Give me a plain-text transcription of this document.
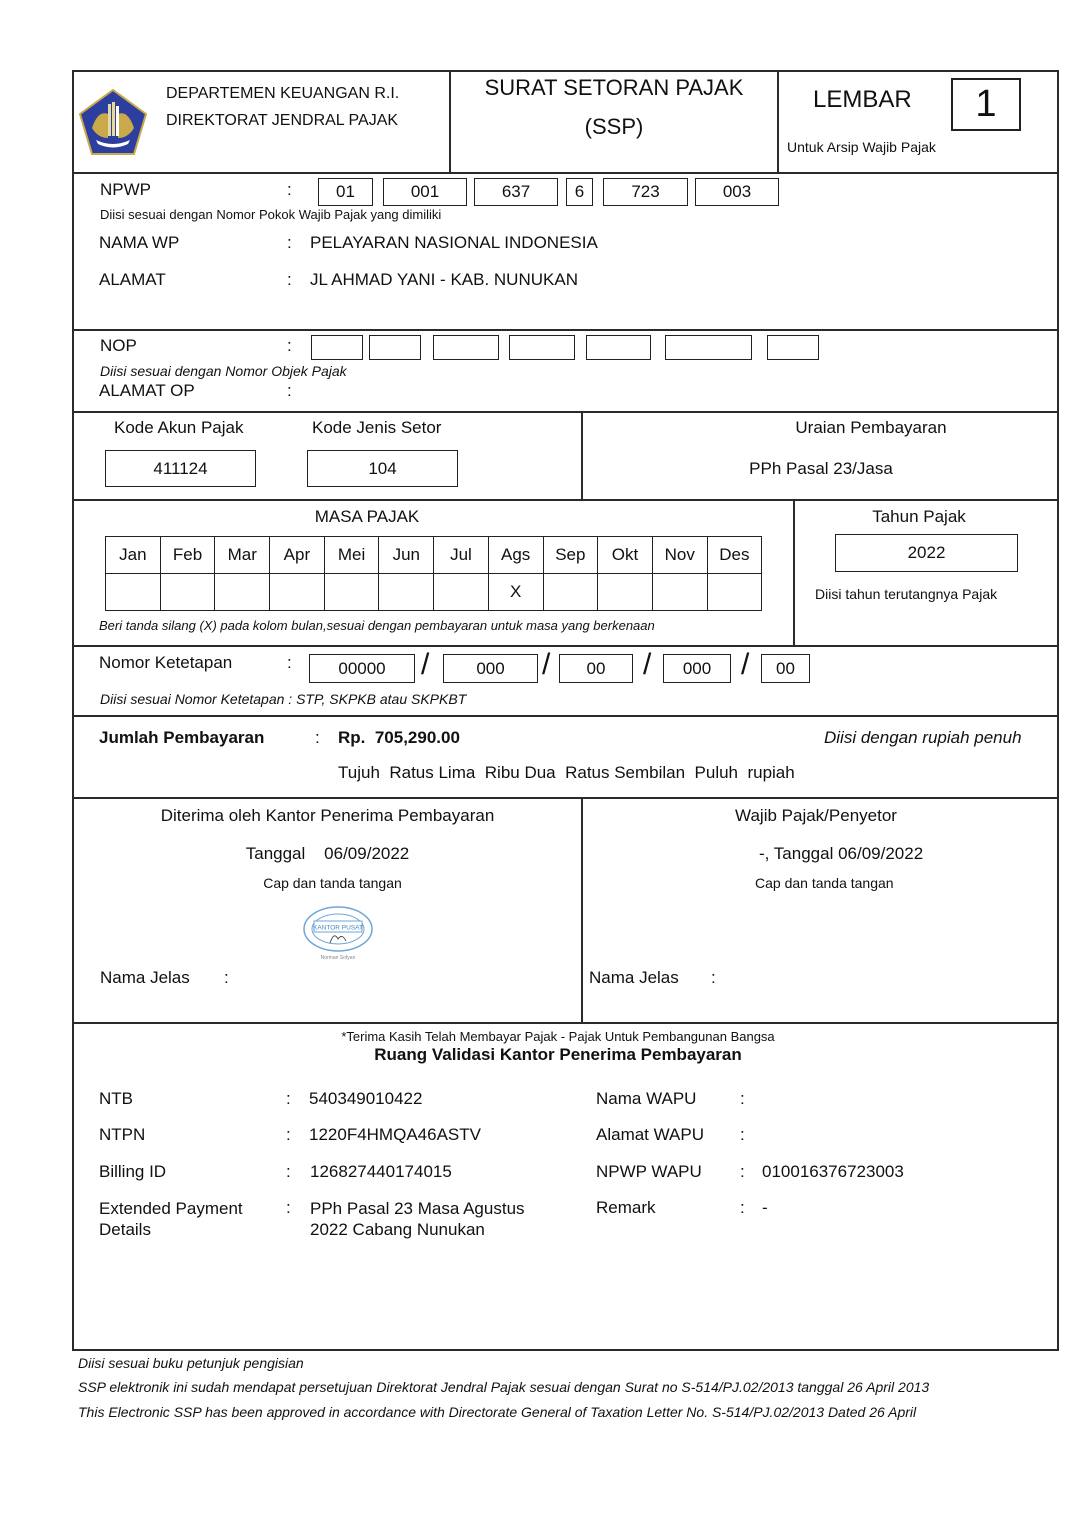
DEPARTEMEN KEUANGAN R.I.
DIREKTORAT JENDRAL PAJAK
SURAT SETORAN PAJAK
(SSP)
LEMBAR 1
Untuk Arsip Wajib Pajak
NPWP	:	01	001	637	6	723	003
Diisi sesuai dengan Nomor Pokok Wajib Pajak yang dimiliki
NAMA WP	: PELAYARAN NASIONAL INDONESIA
ALAMAT	: JL AHMAD YANI - KAB. NUNUKAN
NOP	:
Diisi sesuai dengan Nomor Objek Pajak
ALAMAT OP	:
Kode Akun Pajak
411124
Kode Jenis Setor
104
Uraian Pembayaran
PPh Pasal 23/Jasa
MASA PAJAK
Jan	Feb	Mar	Apr	Mei	Jun	Jul	Ags	Sep	Okt	Nov	Des
							X				
Beri tanda silang (X) pada kolom bulan,sesuai dengan pembayaran untuk masa yang berkenaan
Tahun Pajak
2022
Diisi tahun terutangnya Pajak
Nomor Ketetapan	:	00000 /	000 / 00 / 000 / 00
Diisi sesuai Nomor Ketetapan : STP, SKPKB atau SKPKBT
Jumlah Pembayaran	: Rp.  705,290.00	Diisi dengan rupiah penuh
Tujuh  Ratus Lima  Ribu Dua  Ratus Sembilan  Puluh  rupiah
Diterima oleh Kantor Penerima Pembayaran
Tanggal    06/09/2022
Cap dan tanda tangan
KANTOR PUSAT
Norman Sofyan
Nama Jelas :
Wajib Pajak/Penyetor
-, Tanggal 06/09/2022
Cap dan tanda tangan
Nama Jelas :
*Terima Kasih Telah Membayar Pajak - Pajak Untuk Pembangunan Bangsa
Ruang Validasi Kantor Penerima Pembayaran
NTB	: 540349010422
NTPN	: 1220F4HMQA46ASTV
Billing ID	: 126827440174015
Extended Payment Details
: PPh Pasal 23 Masa Agustus 2022 Cabang Nunukan
Nama WAPU	:
Alamat WAPU :
NPWP WAPU : 010016376723003
Remark	: -
Diisi sesuai buku petunjuk pengisian
SSP elektronik ini sudah mendapat persetujuan Direktorat Jendral Pajak sesuai dengan Surat no S-514/PJ.02/2013 tanggal 26 April 2013
This Electronic SSP has been approved in accordance with Directorate General of Taxation Letter No. S-514/PJ.02/2013 Dated 26 April
